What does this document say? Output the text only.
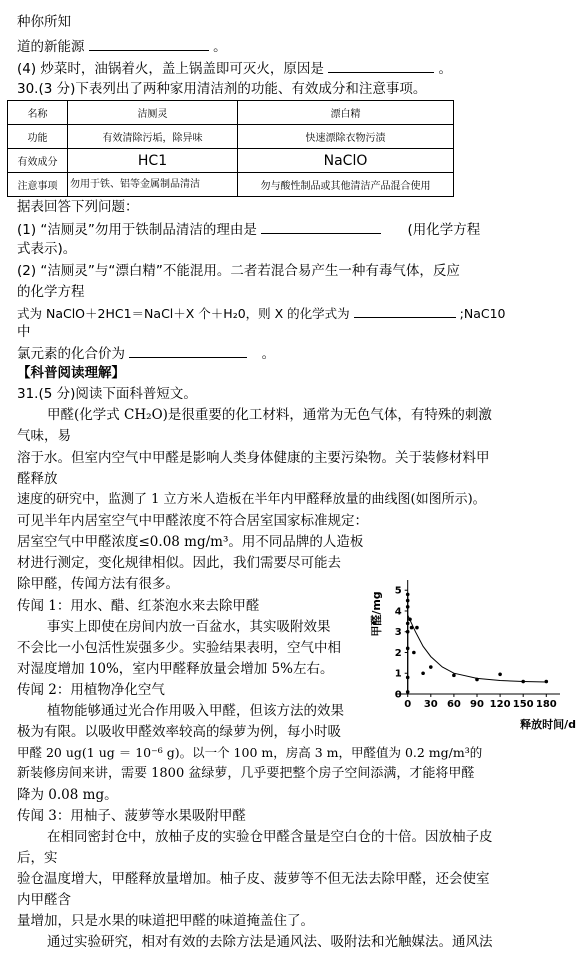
种你所知
道的新能源	。
(4) 炒菜时，油锅着火，盖上锅盖即可灭火，原因是	。
30.(3 分)下表列出了两种家用清洁剂的功能、有效成分和注意事项。
名称	洁厕灵	漂白精
功能	有效清除污垢，除异味	快速漂除衣物污渍
有效成分	HC1	NaClO
注意事项	勿用于铁、铝等金属制品清洁	勿与酸性制品或其他清洁产品混合使用
据表回答下列问题：
(1) “洁厕灵”勿用于铁制品清洁的理由是	(用化学方程
式表示)。
(2) “洁厕灵”与“漂白精”不能混用。二者若混合易产生一种有毒气体，反应
的化学方程
式为 NaClO＋2HC1＝NaCl＋X 个＋H₂0，则 X 的化学式为	;NaC10
中
氯元素的化合价为	。
【科普阅读理解】
31.(5 分)阅读下面科普短文。
甲醛(化学式 CH₂O)是很重要的化工材料，通常为无色气体，有特殊的刺激
气味，易
溶于水。但室内空气中甲醛是影响人类身体健康的主要污染物。关于装修材料甲
醛释放
速度的研究中，监测了 1 立方米人造板在半年内甲醛释放量的曲线图(如图所示)。
可见半年内居室空气中甲醛浓度不符合居室国家标准规定：
居室空气中甲醛浓度≤0.08 mg/m³。用不同品牌的人造板
材进行测定，变化规律相似。因此，我们需要尽可能去
除甲醛，传闻方法有很多。
传闻 1：用水、醋、红茶泡水来去除甲醛
事实上即使在房间内放一百盆水，其实吸附效果
不会比一小包活性炭强多少。实验结果表明，空气中相
对湿度增加 10%，室内甲醛释放量会增加 5%左右。
传闻 2：用植物净化空气
植物能够通过光合作用吸入甲醛，但该方法的效果
极为有限。以吸收甲醛效率较高的绿萝为例，每小时吸
甲醛 20 ug(1 ug ＝ 10⁻⁶ g)。以一个 100 m，房高 3 m，甲醛值为 0.2 mg/m³的
新装修房间来讲，需要 1800 盆绿萝，几乎要把整个房子空间添满，才能将甲醛
降为 0.08 mg。
传闻 3：用柚子、菠萝等水果吸附甲醛
在相同密封仓中，放柚子皮的实验仓甲醛含量是空白仓的十倍。因放柚子皮
后，实
验仓温度增大，甲醛释放量增加。柚子皮、菠萝等不但无法去除甲醛，还会使室
内甲醛含
量增加，只是水果的味道把甲醛的味道掩盖住了。
通过实验研究，相对有效的去除方法是通风法、吸附法和光触媒法。通风法
0
1
2
3
4
5
0 30 60 90 120 150 180
甲醛/mg
释放时间/d
